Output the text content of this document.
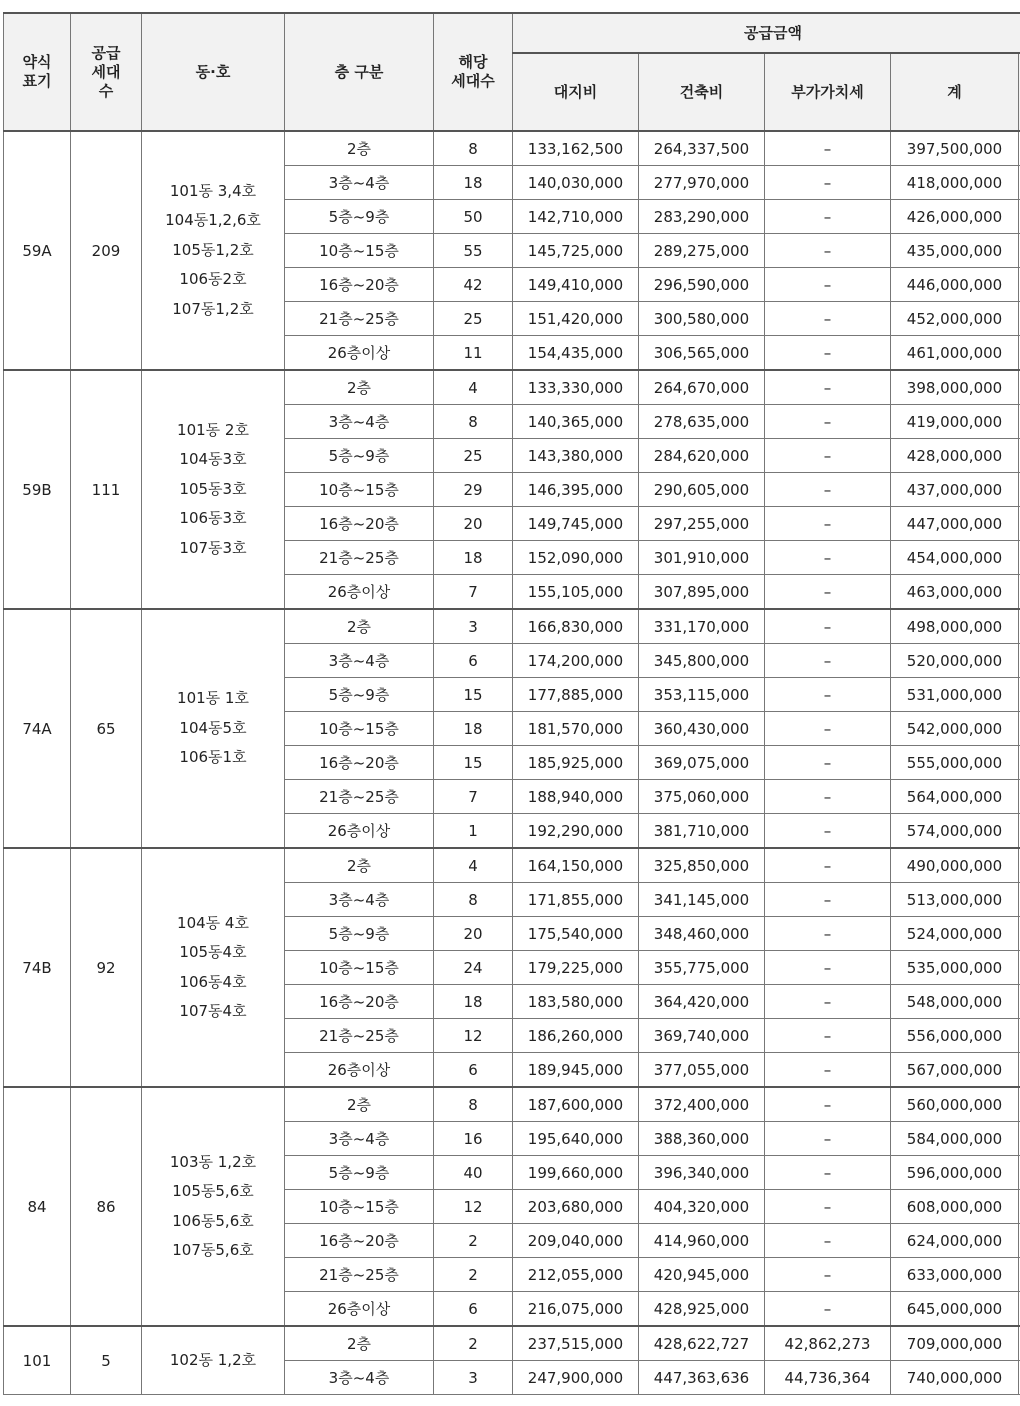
약식
표기	공급
세대
수	동·호	층 구분	해당
세대수	공급금액				
					대지비	건축비	부가가치세	계	
59A	209	101동 3,4호
104동1,2,6호
105동1,2호
106동2호
107동1,2호	2층	8	133,162,500	264,337,500	–	397,500,000	
			3층~4층	18	140,030,000	277,970,000	–	418,000,000	
			5층~9층	50	142,710,000	283,290,000	–	426,000,000	
			10층~15층	55	145,725,000	289,275,000	–	435,000,000	
			16층~20층	42	149,410,000	296,590,000	–	446,000,000	
			21층~25층	25	151,420,000	300,580,000	–	452,000,000	
			26층이상	11	154,435,000	306,565,000	–	461,000,000	
59B	111	101동 2호
104동3호
105동3호
106동3호
107동3호	2층	4	133,330,000	264,670,000	–	398,000,000	
			3층~4층	8	140,365,000	278,635,000	–	419,000,000	
			5층~9층	25	143,380,000	284,620,000	–	428,000,000	
			10층~15층	29	146,395,000	290,605,000	–	437,000,000	
			16층~20층	20	149,745,000	297,255,000	–	447,000,000	
			21층~25층	18	152,090,000	301,910,000	–	454,000,000	
			26층이상	7	155,105,000	307,895,000	–	463,000,000	
74A	65	101동 1호
104동5호
106동1호	2층	3	166,830,000	331,170,000	–	498,000,000	
			3층~4층	6	174,200,000	345,800,000	–	520,000,000	
			5층~9층	15	177,885,000	353,115,000	–	531,000,000	
			10층~15층	18	181,570,000	360,430,000	–	542,000,000	
			16층~20층	15	185,925,000	369,075,000	–	555,000,000	
			21층~25층	7	188,940,000	375,060,000	–	564,000,000	
			26층이상	1	192,290,000	381,710,000	–	574,000,000	
74B	92	104동 4호
105동4호
106동4호
107동4호	2층	4	164,150,000	325,850,000	–	490,000,000	
			3층~4층	8	171,855,000	341,145,000	–	513,000,000	
			5층~9층	20	175,540,000	348,460,000	–	524,000,000	
			10층~15층	24	179,225,000	355,775,000	–	535,000,000	
			16층~20층	18	183,580,000	364,420,000	–	548,000,000	
			21층~25층	12	186,260,000	369,740,000	–	556,000,000	
			26층이상	6	189,945,000	377,055,000	–	567,000,000	
84	86	103동 1,2호
105동5,6호
106동5,6호
107동5,6호	2층	8	187,600,000	372,400,000	–	560,000,000	
			3층~4층	16	195,640,000	388,360,000	–	584,000,000	
			5층~9층	40	199,660,000	396,340,000	–	596,000,000	
			10층~15층	12	203,680,000	404,320,000	–	608,000,000	
			16층~20층	2	209,040,000	414,960,000	–	624,000,000	
			21층~25층	2	212,055,000	420,945,000	–	633,000,000	
			26층이상	6	216,075,000	428,925,000	–	645,000,000	
101	5	102동 1,2호	2층	2	237,515,000	428,622,727	42,862,273	709,000,000	
			3층~4층	3	247,900,000	447,363,636	44,736,364	740,000,000	
